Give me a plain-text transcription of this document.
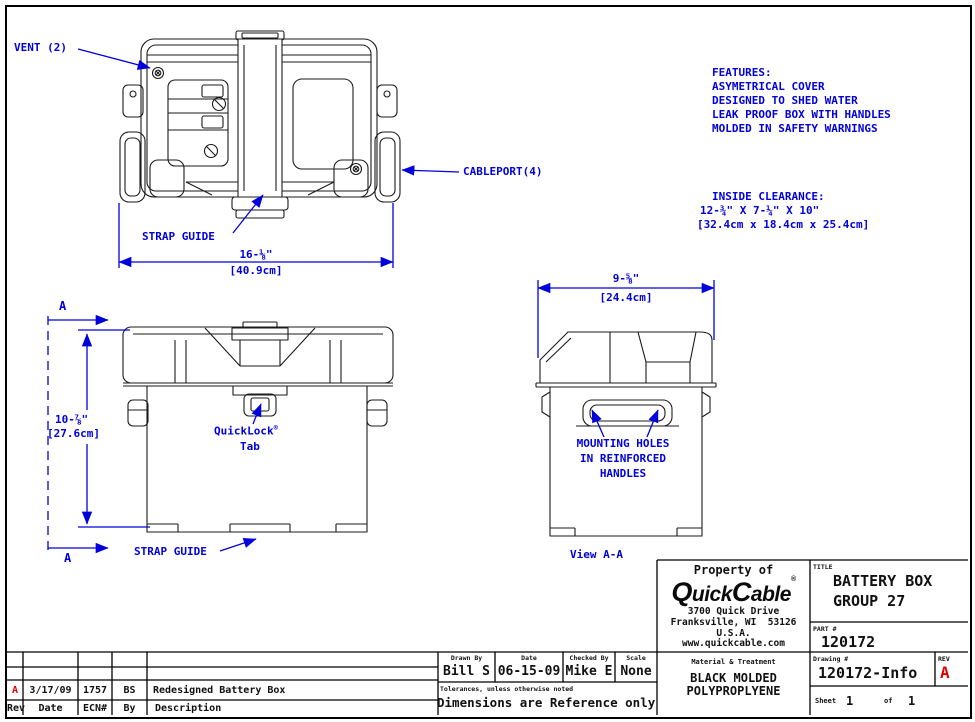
VENT (2)
CABLEPORT(4)
STRAP GUIDE
16-⅛"
[40.9cm]
FEATURES:
ASYMETRICAL COVER
DESIGNED TO SHED WATER
LEAK PROOF BOX WITH HANDLES
MOLDED IN SAFETY WARNINGS
INSIDE CLEARANCE:
12-¾" X 7-¼" X 10"
[32.4cm x 18.4cm x 25.4cm]
A
A
10-⅞"
[27.6cm]	QuickLock®
Tab
STRAP GUIDE
9-⅝"
[24.4cm]
MOUNTING HOLES
IN REINFORCED
HANDLES
View A-A
Property of
QuickCable®
3700 Quick Drive
Franksville, WI  53126
U.S.A.
www.quickcable.com
TITLE
BATTERY BOX
GROUP 27
PART #
120172
Material & Treatment
BLACK MOLDED
POLYPROPLYENE
Drawing #
120172-Info
REV
A
Sheet 1	of 1
Drawn By
Bill S
Date
06-15-09
Checked By
Mike E
Scale
None
Tolerances, unless otherwise noted
Dimensions are Reference only
A	3/17/09	1757	BS	Redesigned Battery Box
Rev	Date	ECN#	By	Description
